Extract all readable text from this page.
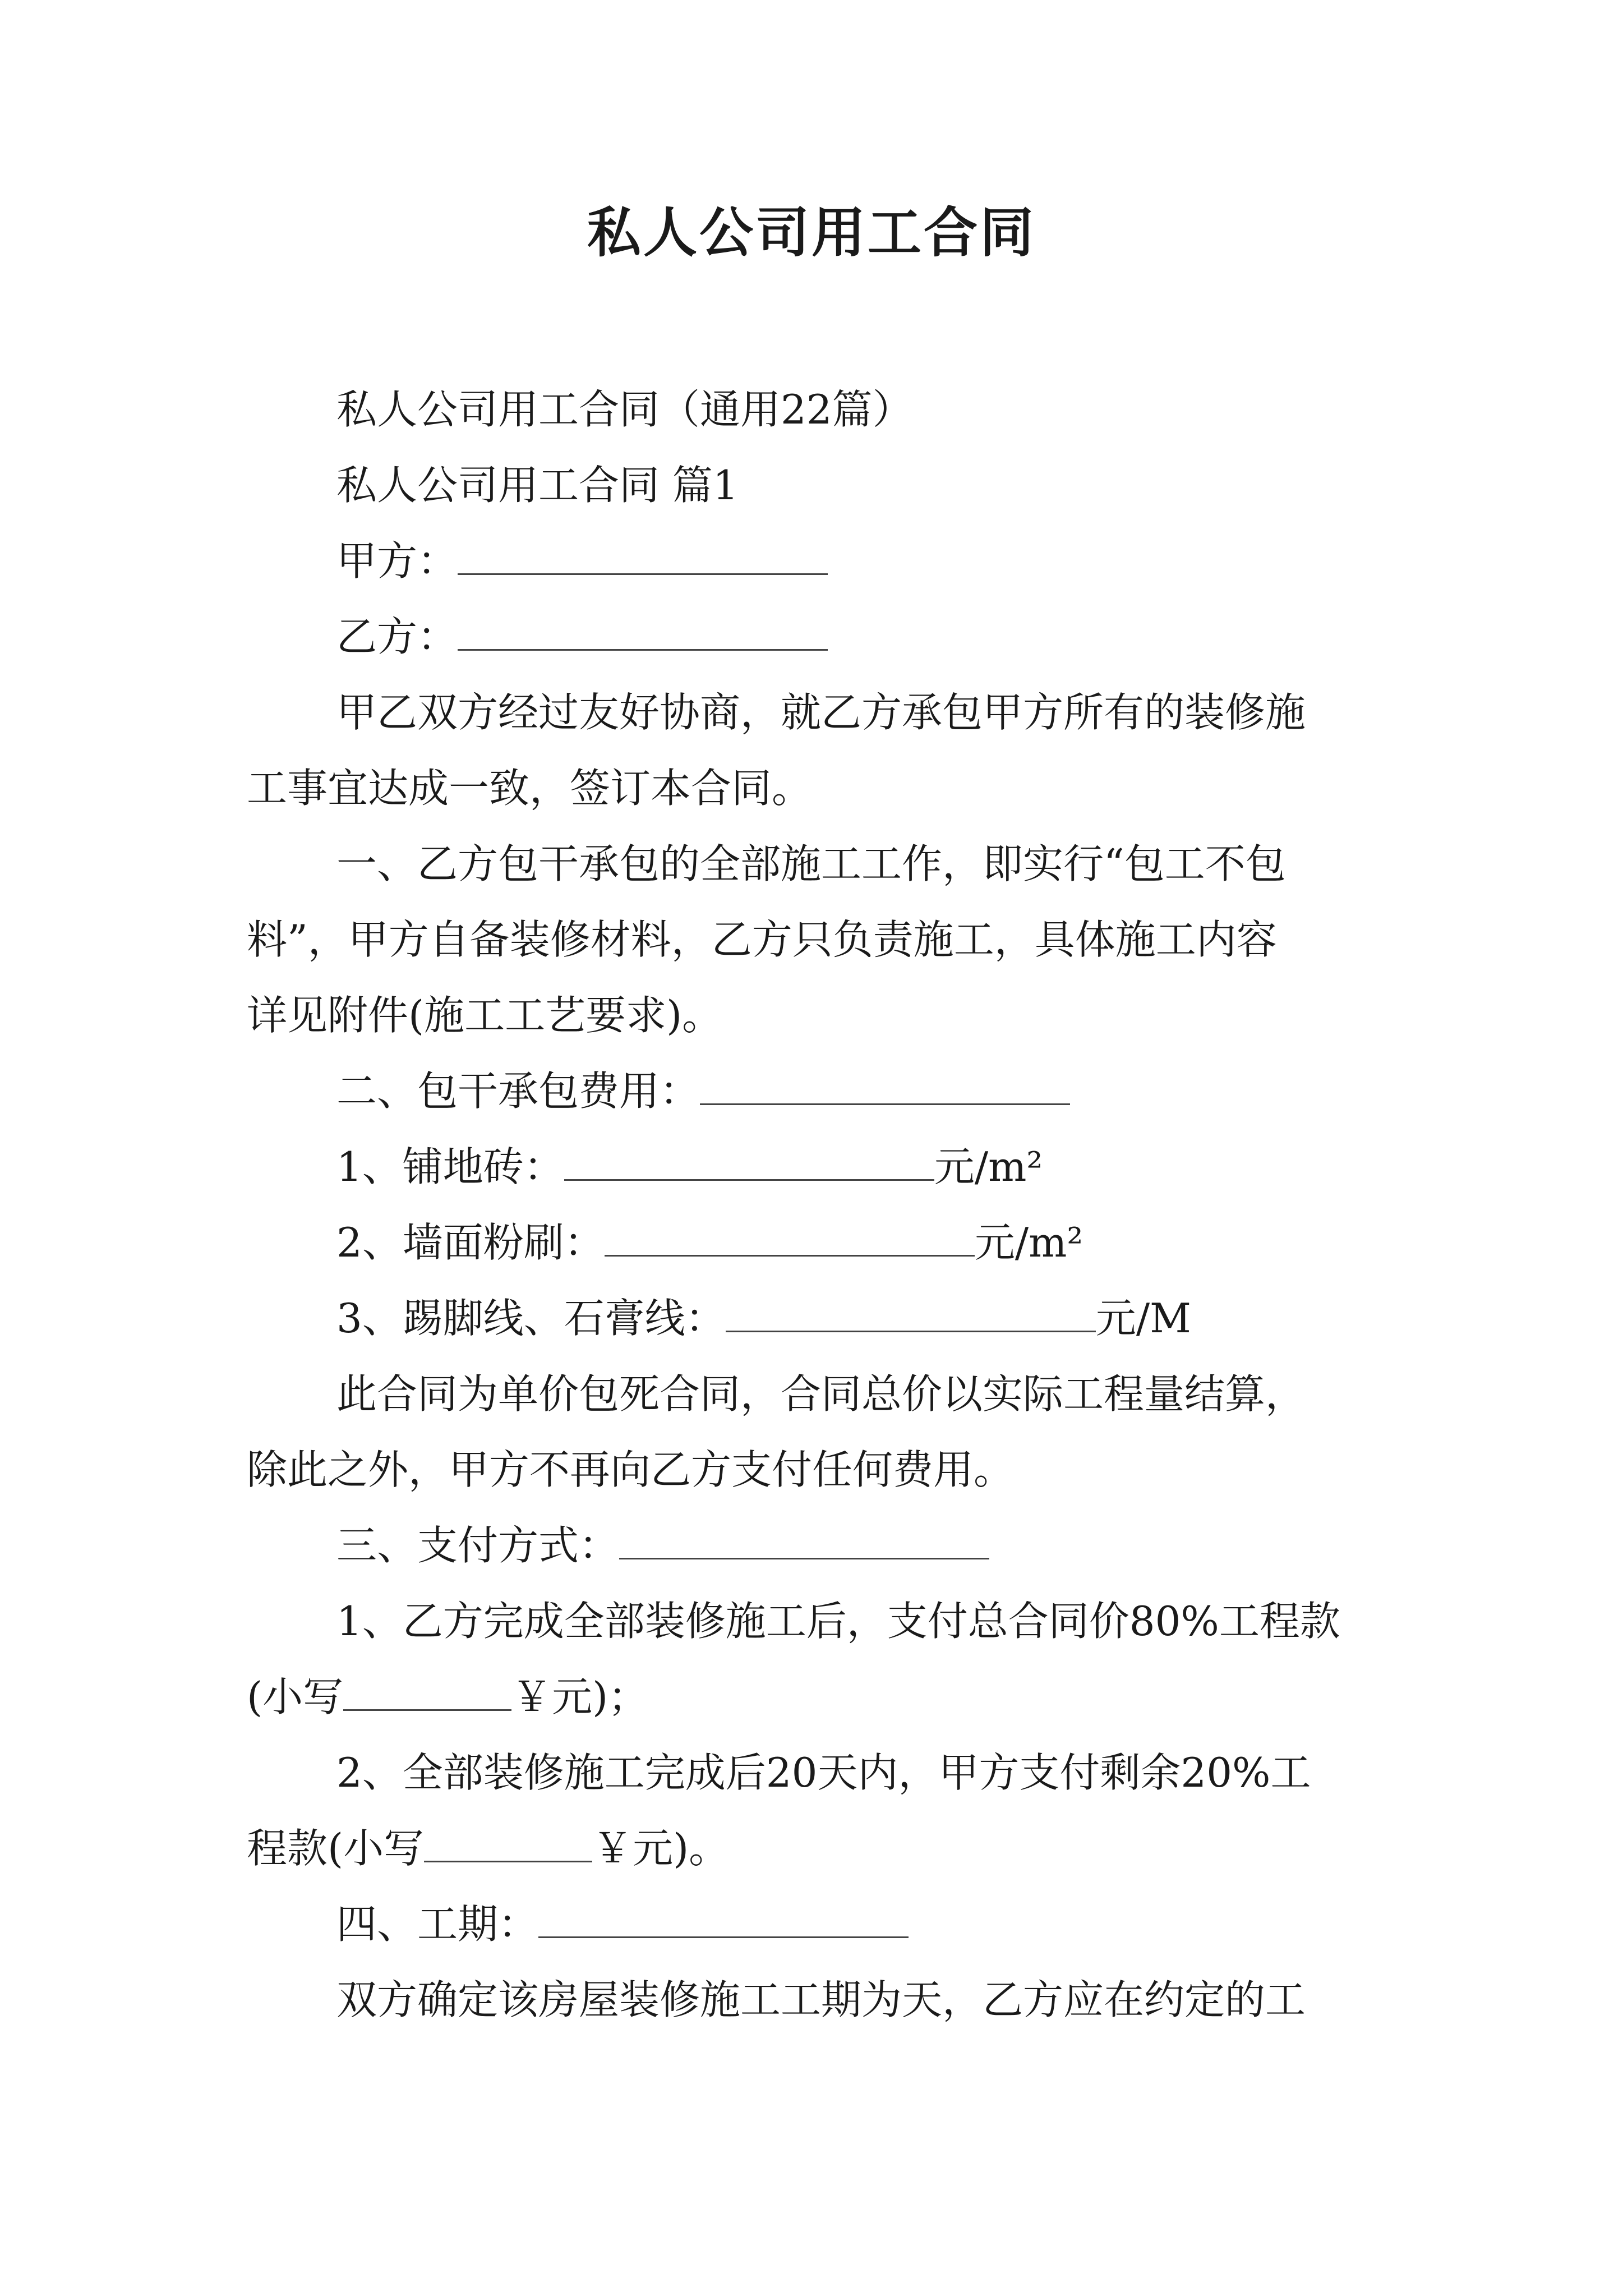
私人公司用工合同
私人公司用工合同（通用22篇）
私人公司用工合同 篇1
甲方：
乙方：
甲乙双方经过友好协商，就乙方承包甲方所有的装修施
工事宜达成一致，签订本合同。
一、乙方包干承包的全部施工工作，即实行“包工不包
料”，甲方自备装修材料，乙方只负责施工，具体施工内容
详见附件(施工工艺要求)。
二、包干承包费用：
1、铺地砖：	元/m²
2、墙面粉刷：	元/m²
3、踢脚线、石膏线：	元/M
此合同为单价包死合同，合同总价以实际工程量结算，
除此之外，甲方不再向乙方支付任何费用。
三、支付方式：
1、乙方完成全部装修施工后，支付总合同价80%工程款
(小写	￥元)；
2、全部装修施工完成后20天内，甲方支付剩余20%工
程款(小写	￥元)。
四、工期：
双方确定该房屋装修施工工期为天，乙方应在约定的工
